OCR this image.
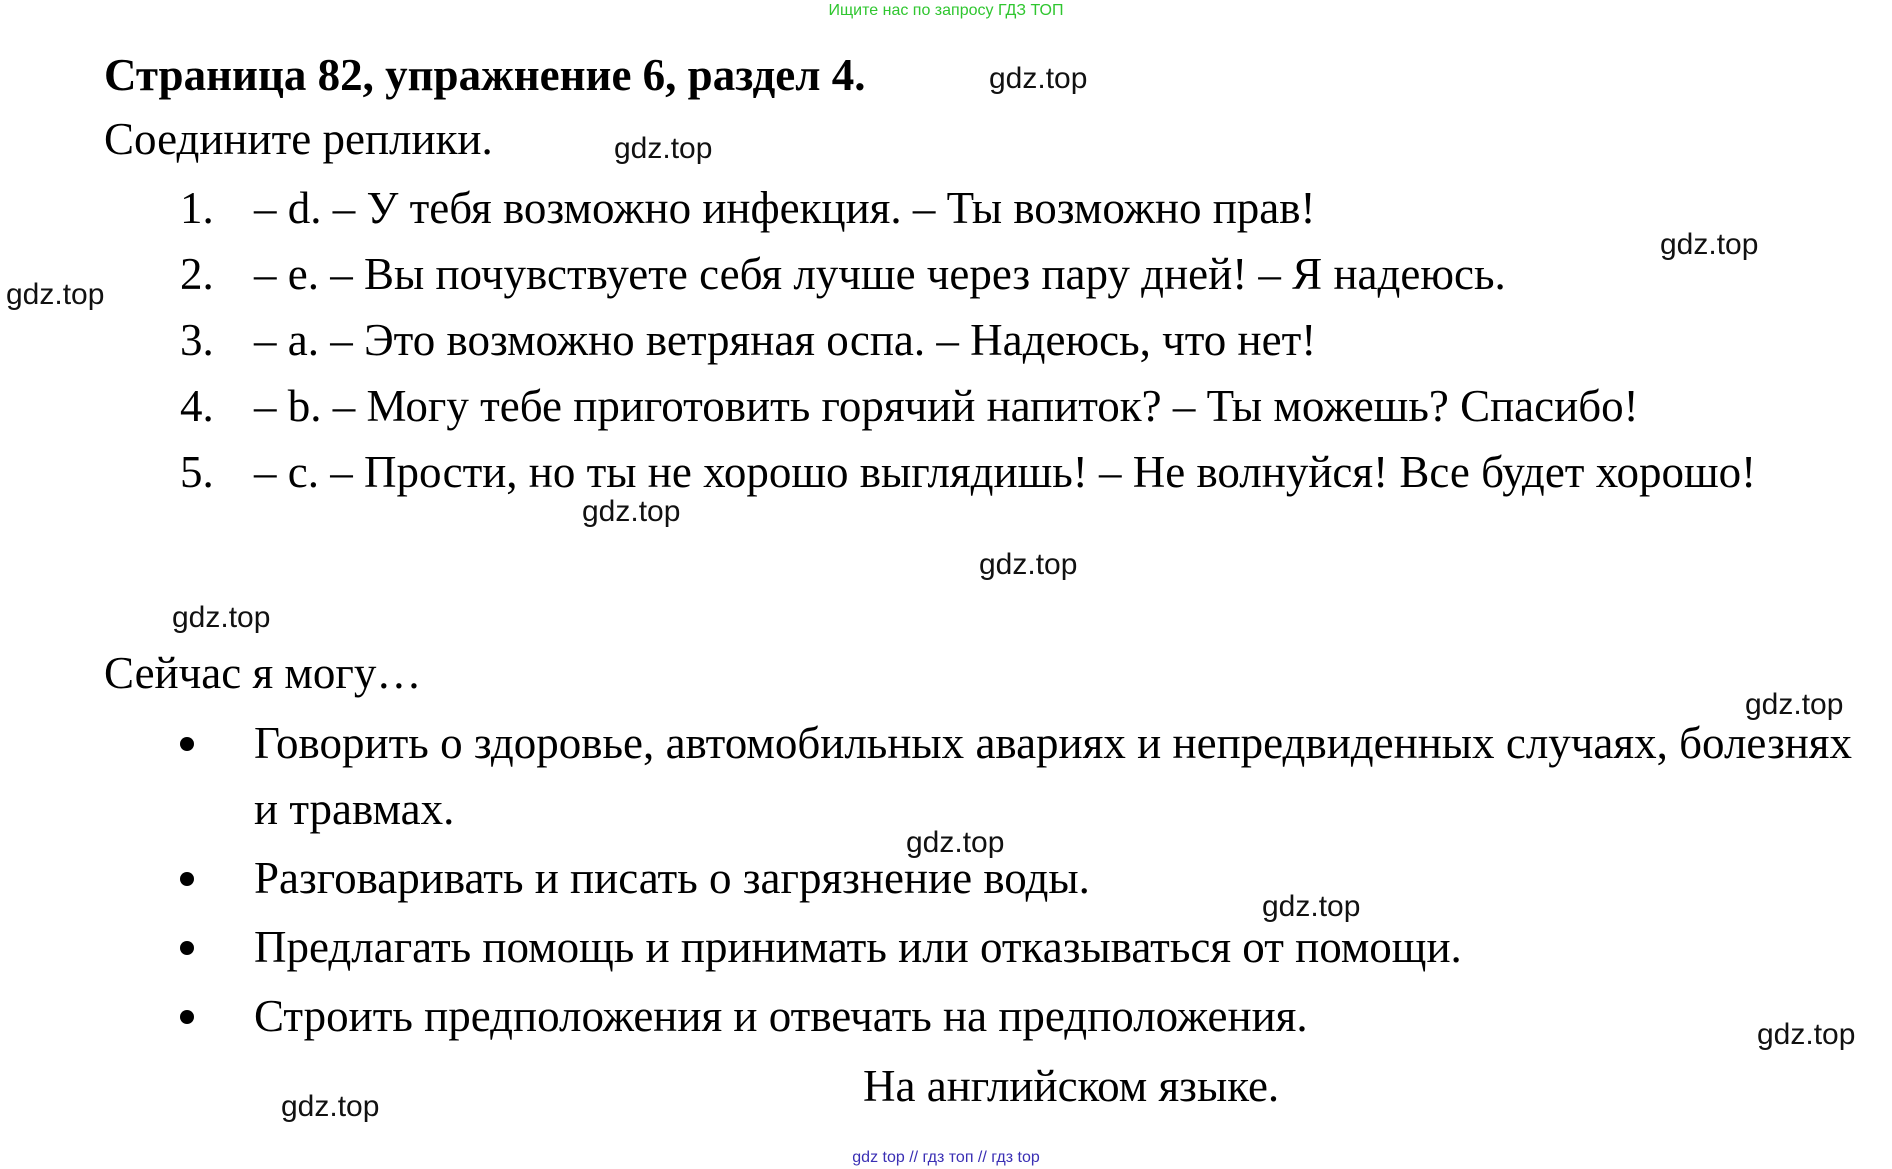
Ищите нас по запросу ГДЗ ТОП
Страница 82, упражнение 6, раздел 4.
Соедините реплики.
1. – d. – У тебя возможно инфекция. – Ты возможно прав!
2. – e. – Вы почувствуете себя лучше через пару дней! – Я надеюсь.
3. – a. – Это возможно ветряная оспа. – Надеюсь, что нет!
4. – b. – Могу тебе приготовить горячий напиток? – Ты можешь? Спасибо!
5. – c. – Прости, но ты не хорошо выглядишь! – Не волнуйся! Все будет хорошо!
Сейчас я могу…
Говорить о здоровье, автомобильных авариях и непредвиденных случаях, болезнях и травмах.
Разговаривать и писать о загрязнение воды.
Предлагать помощь и принимать или отказываться от помощи.
Строить предположения и отвечать на предположения.
На английском языке.
gdz.top
gdz.top
gdz.top
gdz.top
gdz.top
gdz.top
gdz.top
gdz.top
gdz.top
gdz.top
gdz.top
gdz.top
gdz top // гдз топ // гдз top
